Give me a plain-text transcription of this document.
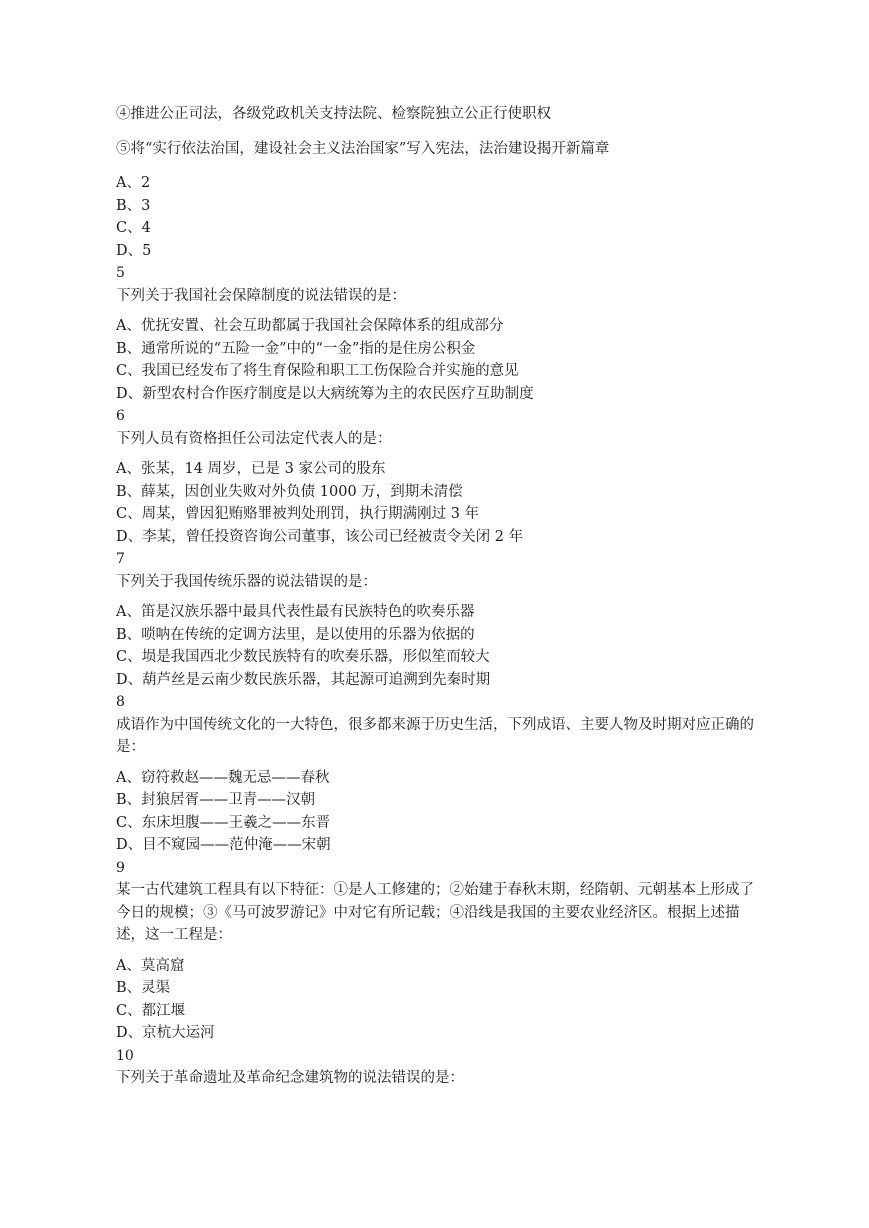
④推进公正司法，各级党政机关支持法院、检察院独立公正行使职权
⑤将“实行依法治国，建设社会主义法治国家”写入宪法，法治建设揭开新篇章
A、2
B、3
C、4
D、5
5
下列关于我国社会保障制度的说法错误的是：
A、优抚安置、社会互助都属于我国社会保障体系的组成部分
B、通常所说的“五险一金”中的“一金”指的是住房公积金
C、我国已经发布了将生育保险和职工工伤保险合并实施的意见
D、新型农村合作医疗制度是以大病统筹为主的农民医疗互助制度
6
下列人员有资格担任公司法定代表人的是：
A、张某，14 周岁，已是 3 家公司的股东
B、薛某，因创业失败对外负债 1000 万，到期未清偿
C、周某，曾因犯贿赂罪被判处刑罚，执行期满刚过 3 年
D、李某，曾任投资咨询公司董事，该公司已经被责令关闭 2 年
7
下列关于我国传统乐器的说法错误的是：
A、笛是汉族乐器中最具代表性最有民族特色的吹奏乐器
B、唢呐在传统的定调方法里，是以使用的乐器为依据的
C、埙是我国西北少数民族特有的吹奏乐器，形似笙而较大
D、葫芦丝是云南少数民族乐器，其起源可追溯到先秦时期
8
成语作为中国传统文化的一大特色，很多都来源于历史生活，下列成语、主要人物及时期对应正确的是：
A、窃符救赵——魏无忌——春秋
B、封狼居胥——卫青——汉朝
C、东床坦腹——王羲之——东晋
D、目不窥园——范仲淹——宋朝
9
某一古代建筑工程具有以下特征：①是人工修建的；②始建于春秋末期，经隋朝、元朝基本上形成了今日的规模；③《马可波罗游记》中对它有所记载；④沿线是我国的主要农业经济区。根据上述描述，这一工程是：
A、莫高窟
B、灵渠
C、都江堰
D、京杭大运河
10
下列关于革命遗址及革命纪念建筑物的说法错误的是：
